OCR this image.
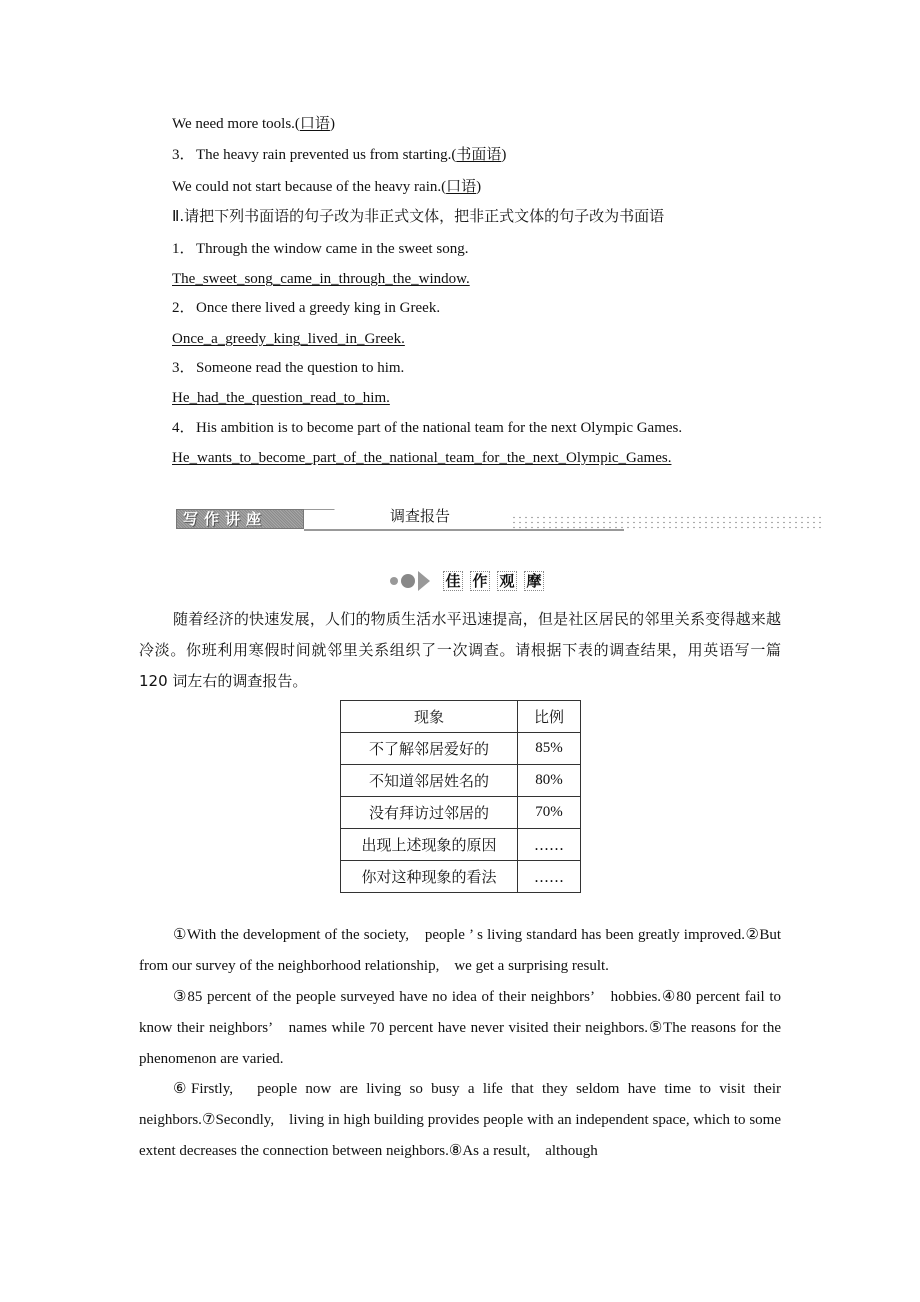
We need more tools.(口语)
3．The heavy rain prevented us from starting.(书面语)
We could not start because of the heavy rain.(口语)
Ⅱ.请把下列书面语的句子改为非正式文体，把非正式文体的句子改为书面语
1．Through the window came in the sweet song.
The_sweet_song_came_in_through_the_window.
2．Once there lived a greedy king in Greek.
Once_a_greedy_king_lived_in_Greek.
3．Someone read the question to him.
He_had_the_question_read_to_him.
4．His ambition is to become part of the national team for the next Olympic Games.
He_wants_to_become_part_of_the_national_team_for_the_next_Olympic_Games.
写作讲座	调查报告
佳 作 观 摩
随着经济的快速发展，人们的物质生活水平迅速提高，但是社区居民的邻里关系变得越来越冷淡。你班利用寒假时间就邻里关系组织了一次调查。请根据下表的调查结果，用英语写一篇 120 词左右的调查报告。
现象	比例
不了解邻居爱好的	85%
不知道邻居姓名的	80%
没有拜访过邻居的	70%
出现上述现象的原因	……
你对这种现象的看法	……
①With the development of the society,　people ’ s living standard has been greatly improved.②But from our survey of the neighborhood relationship,　we get a surprising result.
③85 percent of the people surveyed have no idea of their neighbors’　hobbies.④80 percent fail to know their neighbors’　names while 70 percent have never visited their neighbors.⑤The reasons for the phenomenon are varied.
⑥Firstly,　people now are living so busy a life that they seldom have time to visit their neighbors.⑦Secondly,　living in high building provides people with an independent space, which to some extent decreases the connection between neighbors.⑧As a result,　although
